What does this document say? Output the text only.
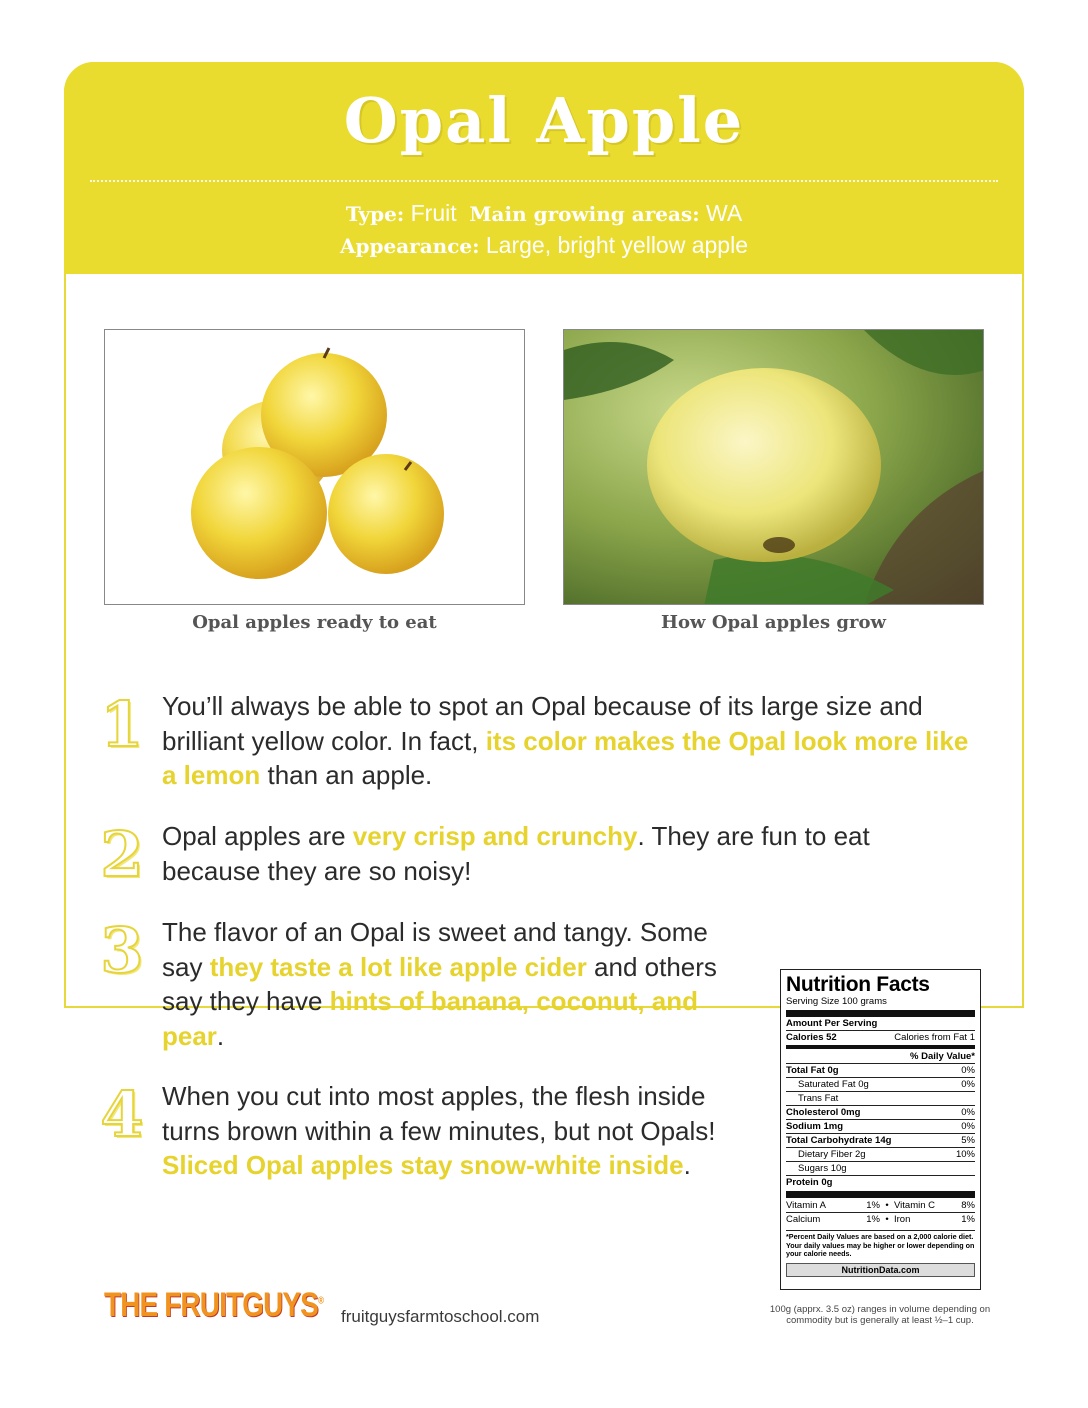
Opal Apple
Type: Fruit Main growing areas: WA
Appearance: Large, bright yellow apple
Opal apples ready to eat	How Opal apples grow
1 You’ll always be able to spot an Opal because of its large size and brilliant yellow color. In fact, its color makes the Opal look more like a lemon than an apple.
2 Opal apples are very crisp and crunchy. They are fun to eat because they are so noisy!
3 The flavor of an Opal is sweet and tangy. Some say they taste a lot like apple cider and others say they have hints of banana, coconut, and pear.
4 When you cut into most apples, the flesh inside turns brown within a few minutes, but not Opals! Sliced Opal apples stay snow-white inside.
Nutrition Facts
Serving Size 100 grams
Amount Per Serving
Calories 52	Calories from Fat 1
% Daily Value*
Total Fat 0g	0%
Saturated Fat 0g	0%
Trans Fat
Cholesterol 0mg	0%
Sodium 1mg	0%
Total Carbohydrate 14g	5%
Dietary Fiber 2g	10%
Sugars 10g
Protein 0g
Vitamin A	1% • Vitamin C	8%
Calcium	1% • Iron	1%
*Percent Daily Values are based on a 2,000 calorie diet. Your daily values may be higher or lower depending on your calorie needs.
NutritionData.com
THE FRUITGUYS®
fruitguysfarmtoschool.com	100g (apprx. 3.5 oz) ranges in volume depending on commodity but is generally at least ½–1 cup.
